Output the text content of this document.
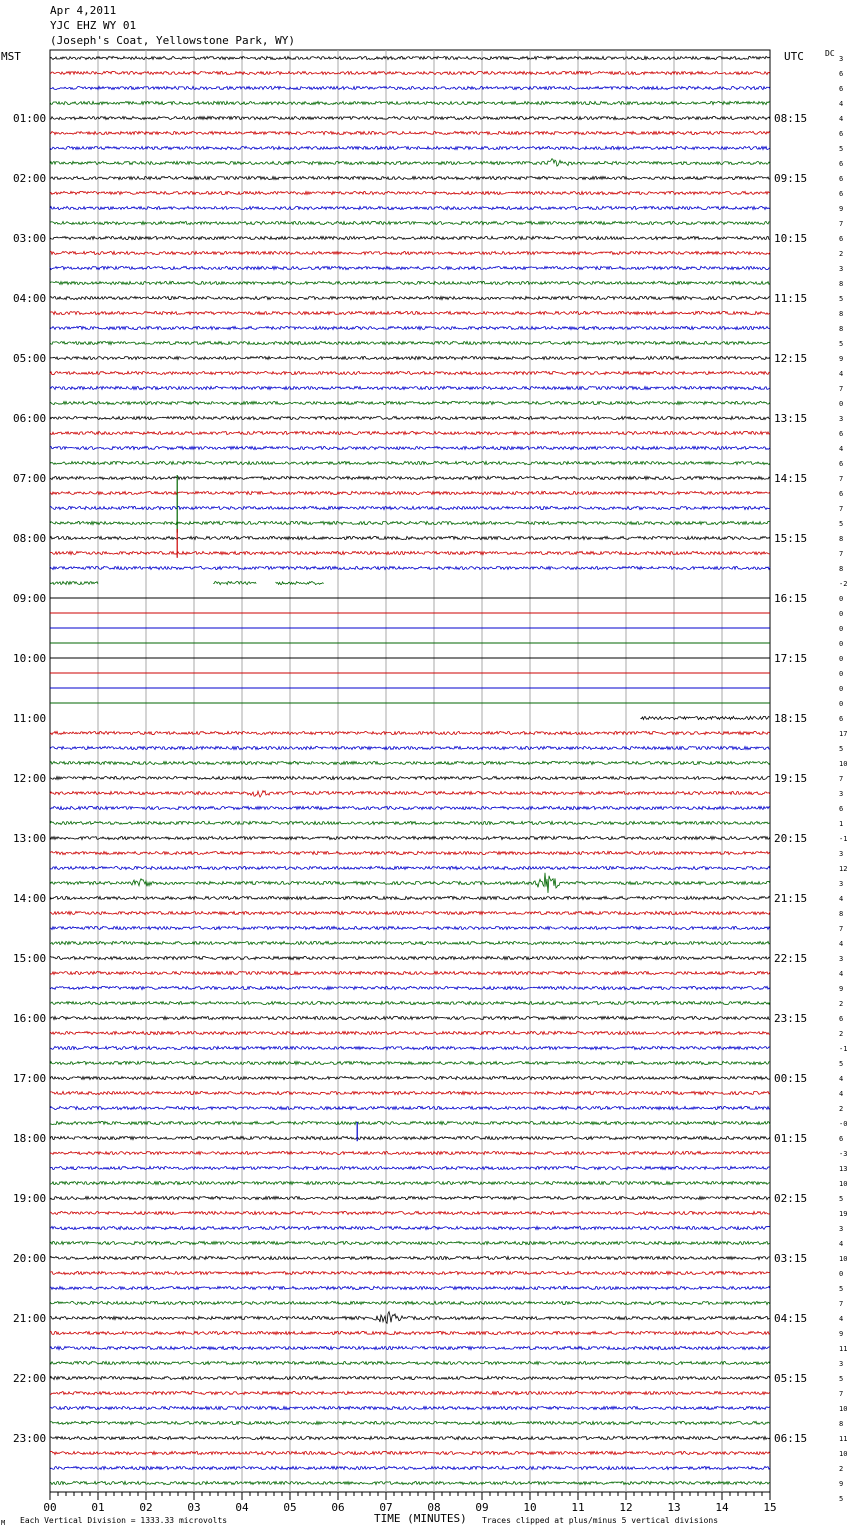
Apr 4,2011
YJC EHZ WY 01
(Joseph's Coat, Yellowstone Park, WY)
MST	UTC	DC
01:00
02:00
03:00
04:00
05:00
06:00
07:00
08:00
09:00
10:00
11:00
12:00
13:00
14:00
15:00
16:00
17:00
18:00
19:00
20:00
21:00
22:00
23:00
08:15
09:15
10:15
11:15
12:15
13:15
14:15
15:15
16:15
17:15
18:15
19:15
20:15
21:15
22:15
23:15
00:15
01:15
02:15
03:15
04:15
05:15
06:15
3
6
6
4
4
6
5
6
6
6
9
7
6
2
3
8
5
8
8
5
9
4
7
0
3
6
4
6
7
6
7
5
8
7
8
-2
0
0
0
0
0
0
0
0
6
17
5
10
7
3
6
1
-1
3
12
3
4
8
7
4
3
4
9
2
6
2
-1
5
4
4
2
-0
6
-3
13
10
5
19
3
4
10
0
5
7
4
9
11
3
5
7
10
8
11
10
2
9
5
00	01	02	03	04	05	06	07	08	09	10	11	12	13	14	15
M Each Vertical Division = 1333.33 microvolts	TIME (MINUTES) Traces clipped at plus/minus 5 vertical divisions
